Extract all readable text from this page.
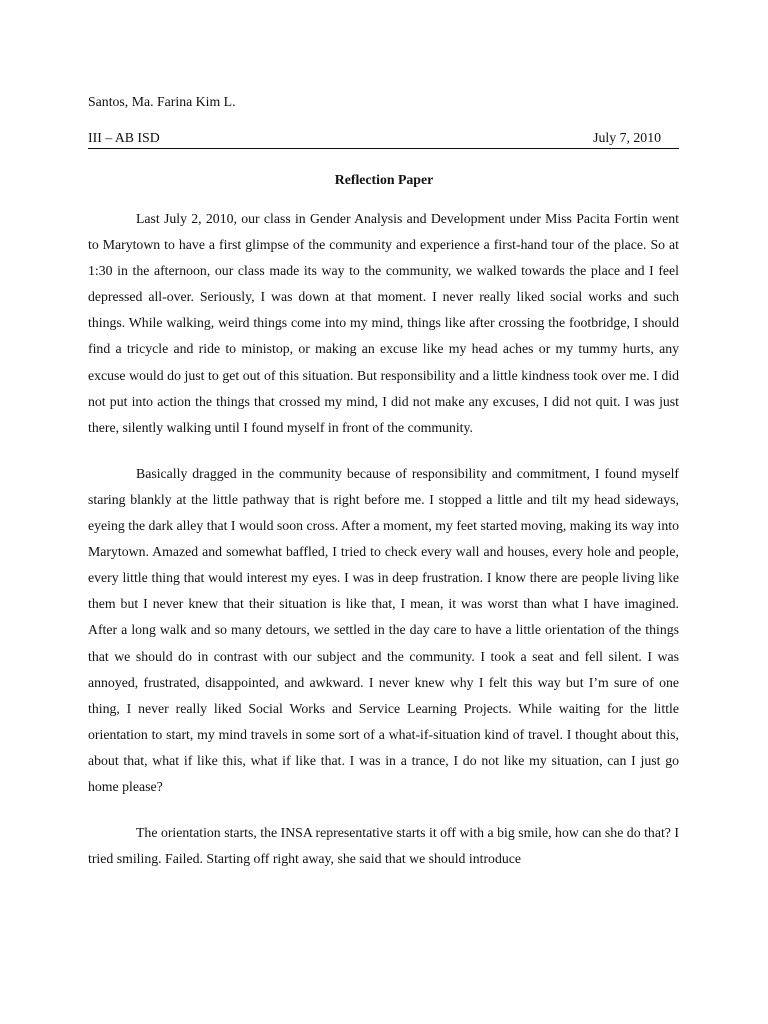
Santos, Ma. Farina Kim L.
III – AB ISD	July 7, 2010
Reflection Paper

Last July 2, 2010, our class in Gender Analysis and Development under Miss Pacita Fortin went to Marytown to have a first glimpse of the community and experience a first-hand tour of the place. So at 1:30 in the afternoon, our class made its way to the community, we walked towards the place and I feel depressed all-over. Seriously, I was down at that moment. I never really liked social works and such things. While walking, weird things come into my mind, things like after crossing the footbridge, I should find a tricycle and ride to ministop, or making an excuse like my head aches or my tummy hurts, any excuse would do just to get out of this situation. But responsibility and a little kindness took over me. I did not put into action the things that crossed my mind, I did not make any excuses, I did not quit. I was just there, silently walking until I found myself in front of the community.

Basically dragged in the community because of responsibility and commitment, I found myself staring blankly at the little pathway that is right before me. I stopped a little and tilt my head sideways, eyeing the dark alley that I would soon cross. After a moment, my feet started moving, making its way into Marytown. Amazed and somewhat baffled, I tried to check every wall and houses, every hole and people, every little thing that would interest my eyes. I was in deep frustration. I know there are people living like them but I never knew that their situation is like that, I mean, it was worst than what I have imagined. After a long walk and so many detours, we settled in the day care to have a little orientation of the things that we should do in contrast with our subject and the community. I took a seat and fell silent. I was annoyed, frustrated, disappointed, and awkward. I never knew why I felt this way but I’m sure of one thing, I never really liked Social Works and Service Learning Projects. While waiting for the little orientation to start, my mind travels in some sort of a what-if-situation kind of travel. I thought about this, about that, what if like this, what if like that. I was in a trance, I do not like my situation, can I just go home please?

The orientation starts, the INSA representative starts it off with a big smile, how can she do that? I tried smiling. Failed. Starting off right away, she said that we should introduce
